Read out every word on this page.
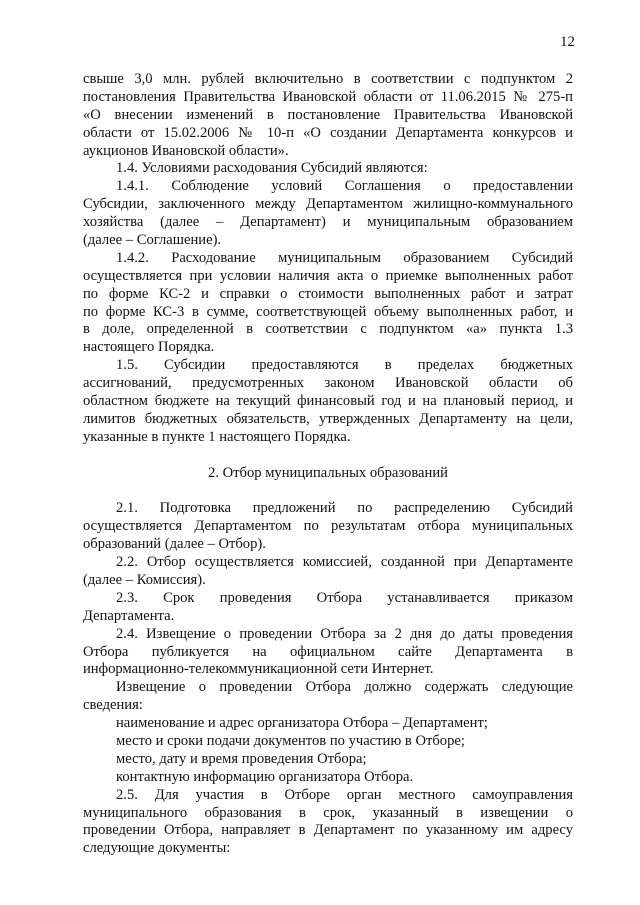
12
свыше 3,0 млн. рублей включительно в соответствии с подпунктом 2
постановления Правительства Ивановской области от 11.06.2015 № 275-п
«О внесении изменений в постановление Правительства Ивановской
области от 15.02.2006 № 10-п «О создании Департамента конкурсов и
аукционов Ивановской области».
1.4. Условиями расходования Субсидий являются:
1.4.1. Соблюдение условий Соглашения о предоставлении
Субсидии, заключенного между Департаментом жилищно-коммунального
хозяйства (далее – Департамент) и муниципальным образованием
(далее – Соглашение).
1.4.2. Расходование муниципальным образованием Субсидий
осуществляется при условии наличия акта о приемке выполненных работ
по форме КС-2 и справки о стоимости выполненных работ и затрат
по форме КС-3 в сумме, соответствующей объему выполненных работ, и
в доле, определенной в соответствии с подпунктом «а» пункта 1.3
настоящего Порядка.
1.5. Субсидии предоставляются в пределах бюджетных
ассигнований, предусмотренных законом Ивановской области об
областном бюджете на текущий финансовый год и на плановый период, и
лимитов бюджетных обязательств, утвержденных Департаменту на цели,
указанные в пункте 1 настоящего Порядка.
2. Отбор муниципальных образований
2.1. Подготовка предложений по распределению Субсидий
осуществляется Департаментом по результатам отбора муниципальных
образований (далее – Отбор).
2.2. Отбор осуществляется комиссией, созданной при Департаменте
(далее – Комиссия).
2.3. Срок проведения Отбора устанавливается приказом
Департамента.
2.4. Извещение о проведении Отбора за 2 дня до даты проведения
Отбора публикуется на официальном сайте Департамента в
информационно-телекоммуникационной сети Интернет.
Извещение о проведении Отбора должно содержать следующие
сведения:
наименование и адрес организатора Отбора – Департамент;
место и сроки подачи документов по участию в Отборе;
место, дату и время проведения Отбора;
контактную информацию организатора Отбора.
2.5. Для участия в Отборе орган местного самоуправления
муниципального образования в срок, указанный в извещении о
проведении Отбора, направляет в Департамент по указанному им адресу
следующие документы:
